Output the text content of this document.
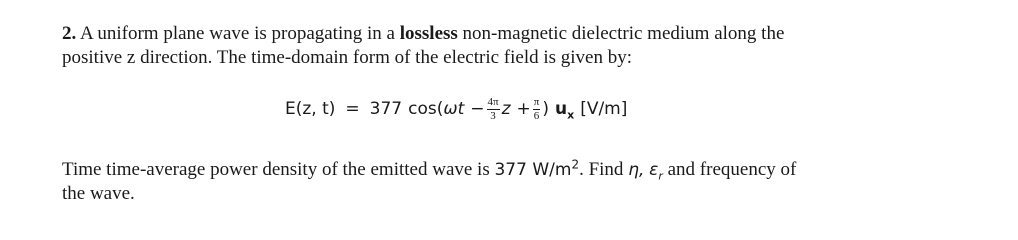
2. A uniform plane wave is propagating in a lossless non-magnetic dielectric medium along the
positive z direction. The time-domain form of the electric field is given by:
E(z, t) = 377 cos( $\omega t - \frac{4\pi}{3}$ $z + \frac{\pi}{6}$ ) $u_x$ [V/m]
Time time-average power density of the emitted wave is 377 $W/m^2$. Find η, $\varepsilon_r$ and frequency of
the wave.
